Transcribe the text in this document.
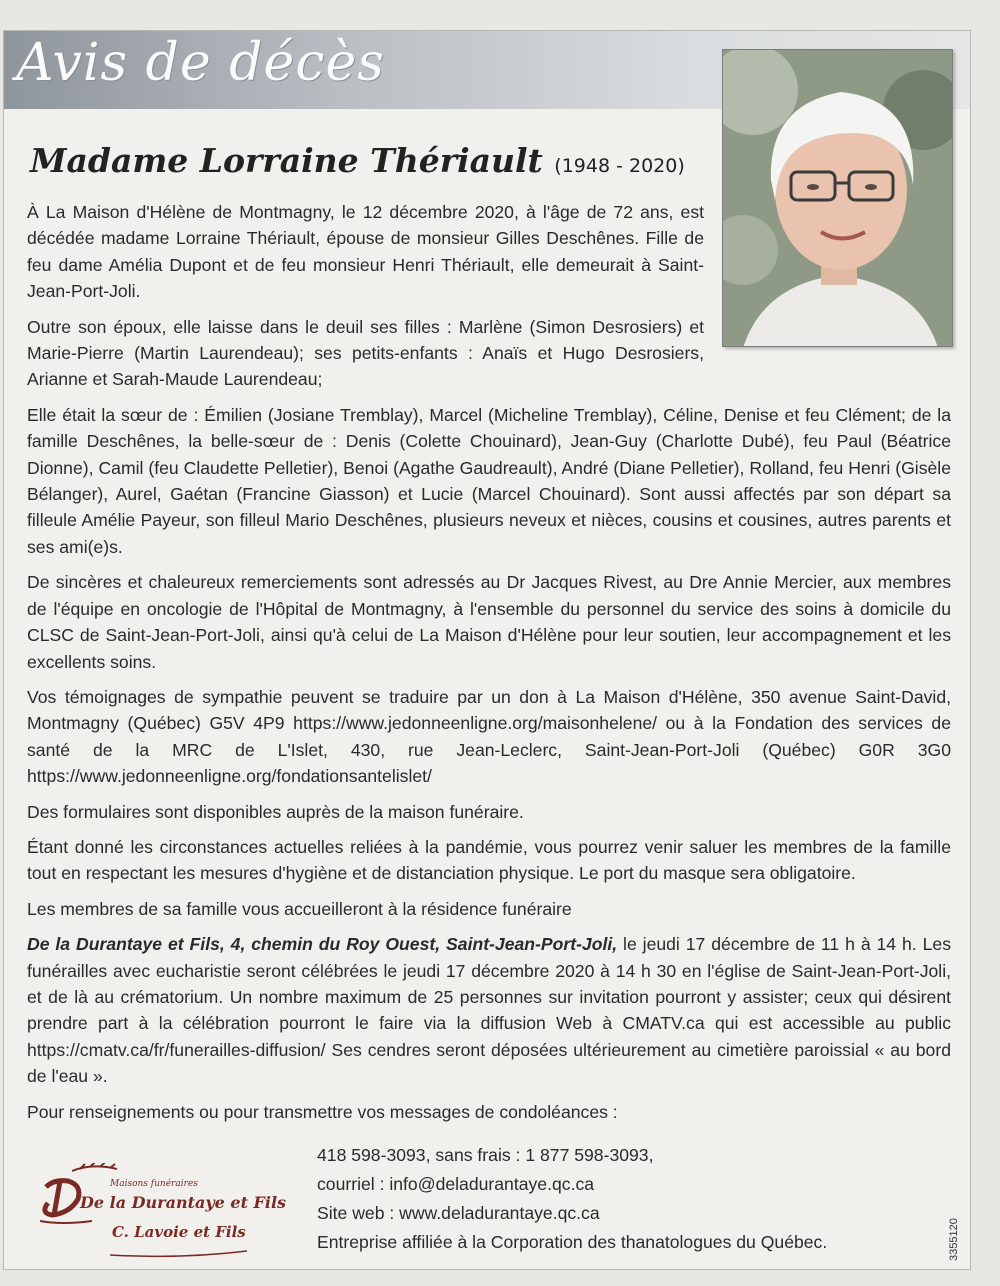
Avis de décès
Madame Lorraine Thériault (1948 - 2020)

À La Maison d'Hélène de Montmagny, le 12 décembre 2020, à l'âge de 72 ans, est décédée madame Lorraine Thériault, épouse de monsieur Gilles Deschênes. Fille de feu dame Amélia Dupont et de feu monsieur Henri Thériault, elle demeurait à Saint-Jean-Port-Joli.

Outre son époux, elle laisse dans le deuil ses filles : Marlène (Simon Desrosiers) et Marie-Pierre (Martin Laurendeau); ses petits-enfants : Anaïs et Hugo Desrosiers, Arianne et Sarah-Maude Laurendeau;

Elle était la sœur de : Émilien (Josiane Tremblay), Marcel (Micheline Tremblay), Céline, Denise et feu Clément; de la famille Deschênes, la belle-sœur de : Denis (Colette Chouinard), Jean-Guy (Charlotte Dubé), feu Paul (Béatrice Dionne), Camil (feu Claudette Pelletier), Benoi (Agathe Gaudreault), André (Diane Pelletier), Rolland, feu Henri (Gisèle Bélanger), Aurel, Gaétan (Francine Giasson) et Lucie (Marcel Chouinard). Sont aussi affectés par son départ sa filleule Amélie Payeur, son filleul Mario Deschênes, plusieurs neveux et nièces, cousins et cousines, autres parents et ses ami(e)s.

De sincères et chaleureux remerciements sont adressés au Dr Jacques Rivest, au Dre Annie Mercier, aux membres de l'équipe en oncologie de l'Hôpital de Montmagny, à l'ensemble du personnel du service des soins à domicile du CLSC de Saint-Jean-Port-Joli, ainsi qu'à celui de La Maison d'Hélène pour leur soutien, leur accompagnement et les excellents soins.

Vos témoignages de sympathie peuvent se traduire par un don à La Maison d'Hélène, 350 avenue Saint-David, Montmagny (Québec) G5V 4P9 https://www.jedonneenligne.org/maisonhelene/ ou à la Fondation des services de santé de la MRC de L'Islet, 430, rue Jean-Leclerc, Saint-Jean-Port-Joli (Québec) G0R 3G0 https://www.jedonneenligne.org/fondationsantelislet/

Des formulaires sont disponibles auprès de la maison funéraire.

Étant donné les circonstances actuelles reliées à la pandémie, vous pourrez venir saluer les membres de la famille tout en respectant les mesures d'hygiène et de distanciation physique. Le port du masque sera obligatoire.

Les membres de sa famille vous accueilleront à la résidence funéraire

De la Durantaye et Fils, 4, chemin du Roy Ouest, Saint-Jean-Port-Joli, le jeudi 17 décembre de 11 h à 14 h. Les funérailles avec eucharistie seront célébrées le jeudi 17 décembre 2020 à 14 h 30 en l'église de Saint-Jean-Port-Joli, et de là au crématorium. Un nombre maximum de 25 personnes sur invitation pourront y assister; ceux qui désirent prendre part à la célébration pourront le faire via la diffusion Web à CMATV.ca qui est accessible au public https://cmatv.ca/fr/funerailles-diffusion/ Ses cendres seront déposées ultérieurement au cimetière paroissial « au bord de l'eau ».

Pour renseignements ou pour transmettre vos messages de condoléances :

Maisons funéraires
De la Durantaye et Fils
C. Lavoie et Fils
418 598-3093, sans frais : 1 877 598-3093,
courriel : info@deladurantaye.qc.ca
Site web : www.deladurantaye.qc.ca
Entreprise affiliée à la Corporation des thanatologues du Québec.	3355120
